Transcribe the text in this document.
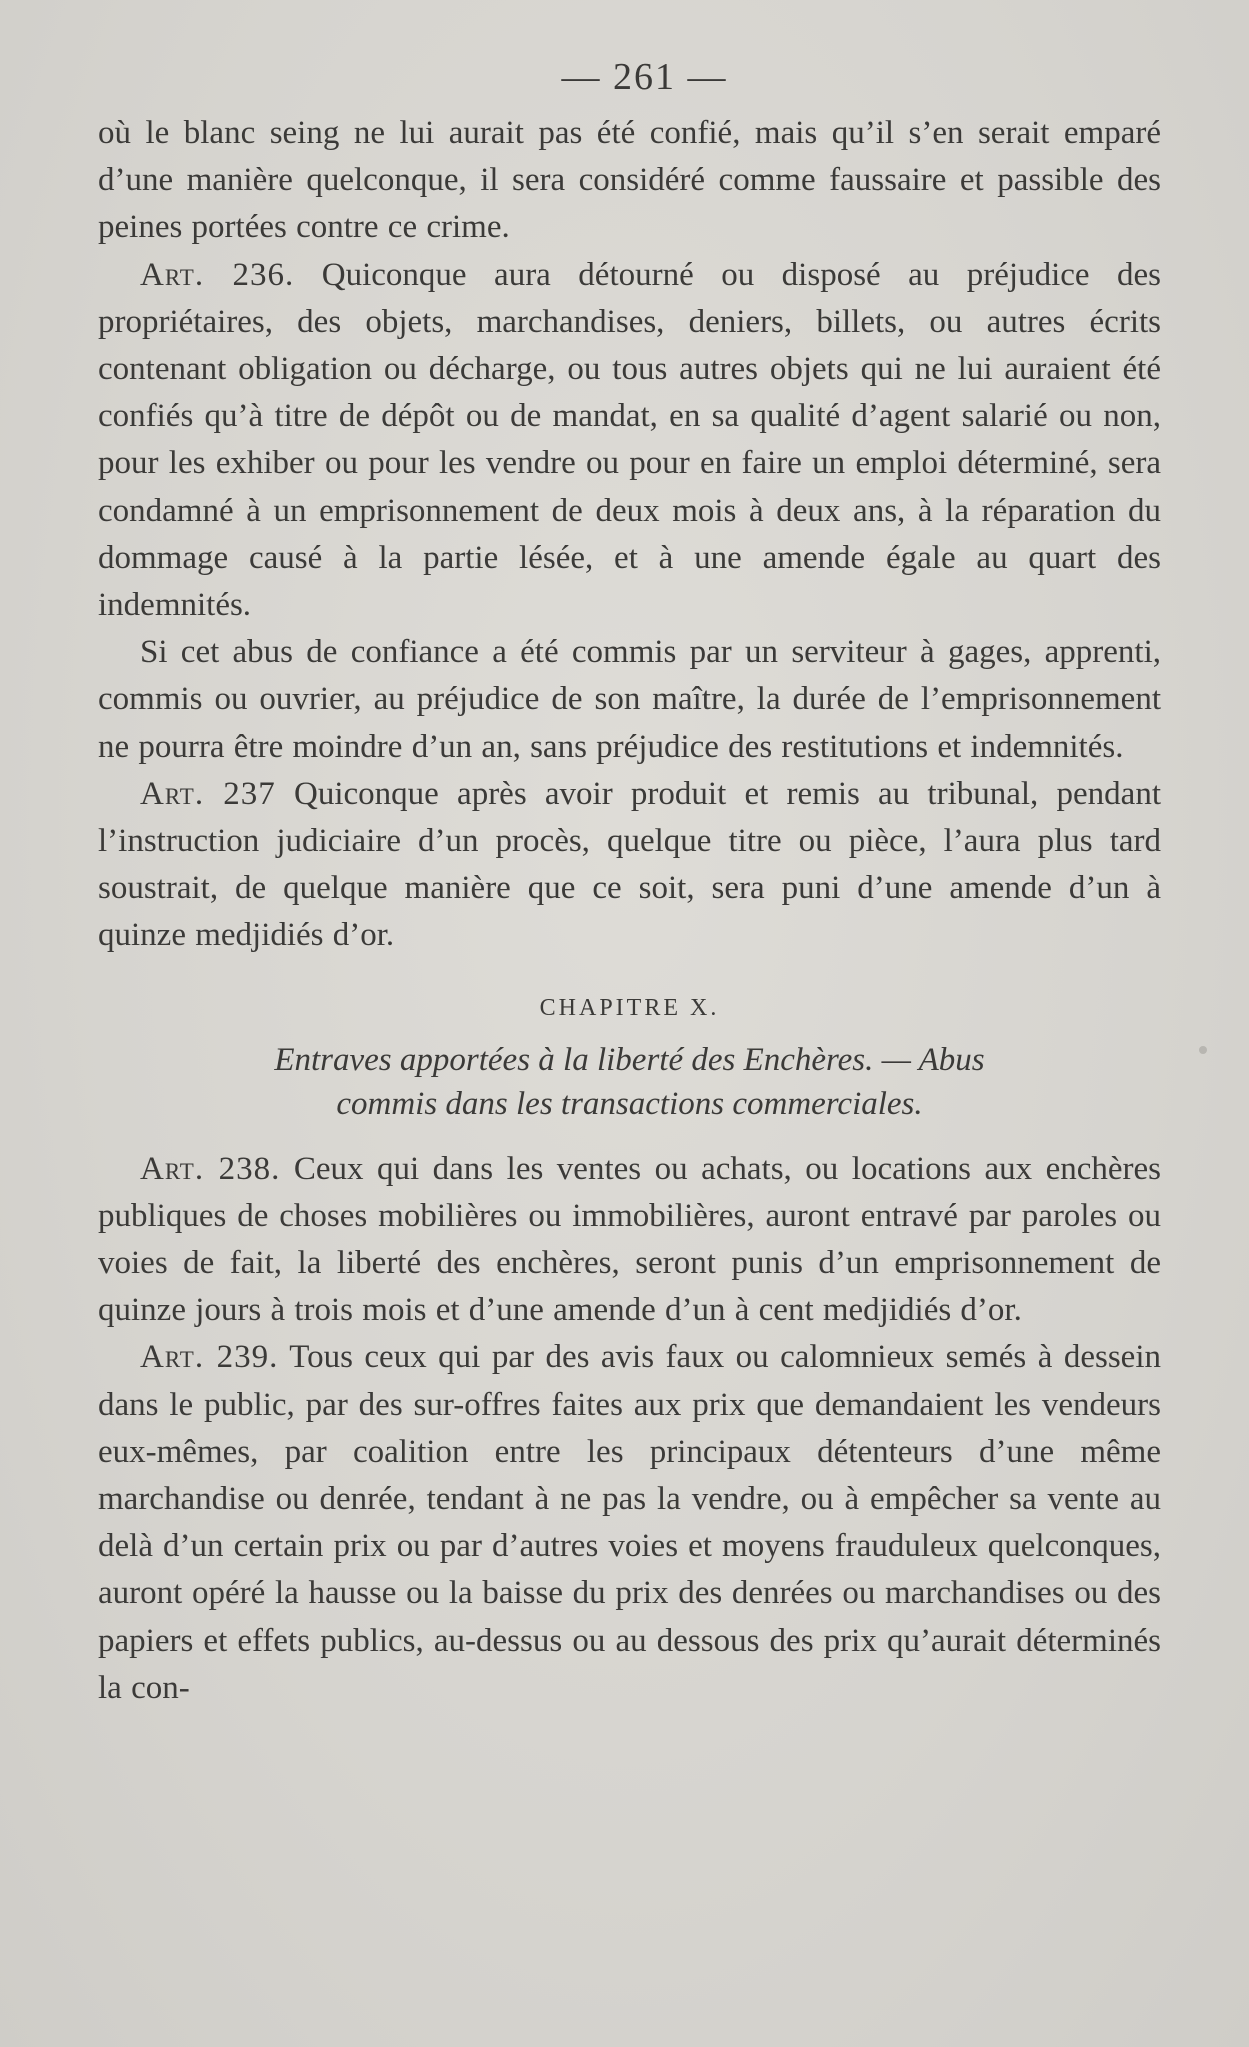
— 261 —

où le blanc seing ne lui aurait pas été confié, mais qu’il s’en serait emparé d’une manière quelconque, il sera considéré comme faussaire et passible des peines portées contre ce crime.

Art. 236. Quiconque aura détourné ou disposé au préjudice des propriétaires, des objets, marchandises, deniers, billets, ou autres écrits contenant obligation ou décharge, ou tous autres objets qui ne lui auraient été confiés qu’à titre de dépôt ou de mandat, en sa qualité d’agent salarié ou non, pour les exhiber ou pour les vendre ou pour en faire un emploi déterminé, sera condamné à un emprisonnement de deux mois à deux ans, à la réparation du dommage causé à la partie lésée, et à une amende égale au quart des indemnités.

Si cet abus de confiance a été commis par un serviteur à gages, apprenti, commis ou ouvrier, au préjudice de son maître, la durée de l’emprisonnement ne pourra être moindre d’un an, sans préjudice des restitutions et indemnités.

Art. 237 Quiconque après avoir produit et remis au tribunal, pendant l’instruction judiciaire d’un procès, quelque titre ou pièce, l’aura plus tard soustrait, de quelque manière que ce soit, sera puni d’une amende d’un à quinze medjidiés d’or.

CHAPITRE X.
Entraves apportées à la liberté des Enchères. — Abus
commis dans les transactions commerciales.

Art. 238. Ceux qui dans les ventes ou achats, ou locations aux enchères publiques de choses mobilières ou immobilières, auront entravé par paroles ou voies de fait, la liberté des enchères, seront punis d’un emprisonnement de quinze jours à trois mois et d’une amende d’un à cent medjidiés d’or.

Art. 239. Tous ceux qui par des avis faux ou calomnieux semés à dessein dans le public, par des sur-offres faites aux prix que demandaient les vendeurs eux-mêmes, par coalition entre les principaux détenteurs d’une même marchandise ou denrée, tendant à ne pas la vendre, ou à empêcher sa vente au delà d’un certain prix ou par d’autres voies et moyens frauduleux quelconques, auront opéré la hausse ou la baisse du prix des denrées ou marchandises ou des papiers et effets publics, au-dessus ou au dessous des prix qu’aurait déterminés la con-
